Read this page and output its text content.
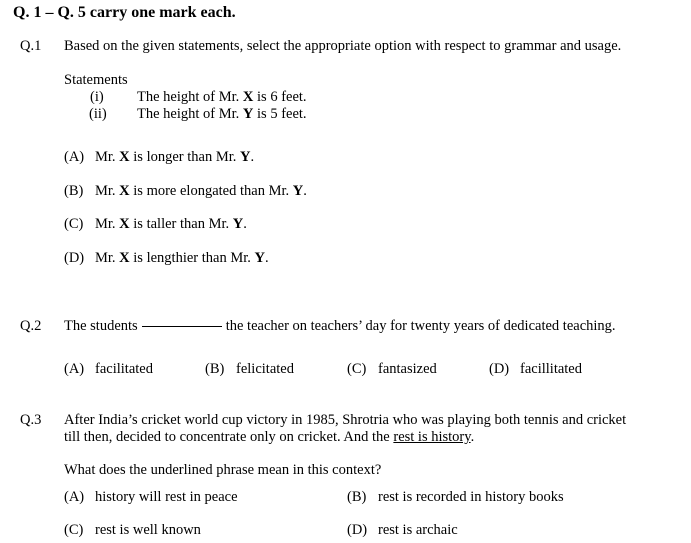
Q. 1 – Q. 5 carry one mark each.
Q.1 Based on the given statements, select the appropriate option with respect to grammar and usage.
Statements
(i) The height of Mr. X is 6 feet.
(ii) The height of Mr. Y is 5 feet.
(A) Mr. X is longer than Mr. Y.
(B) Mr. X is more elongated than Mr. Y.
(C) Mr. X is taller than Mr. Y.
(D) Mr. X is lengthier than Mr. Y.
Q.2 The students	the teacher on teachers’ day for twenty years of dedicated teaching.
(A) facilitated	(B) felicitated	(C) fantasized	(D) facillitated
Q.3 After India’s cricket world cup victory in 1985, Shrotria who was playing both tennis and cricket
till then, decided to concentrate only on cricket. And the rest is history.
What does the underlined phrase mean in this context?
(A) history will rest in peace	(B) rest is recorded in history books
(C) rest is well known	(D) rest is archaic
